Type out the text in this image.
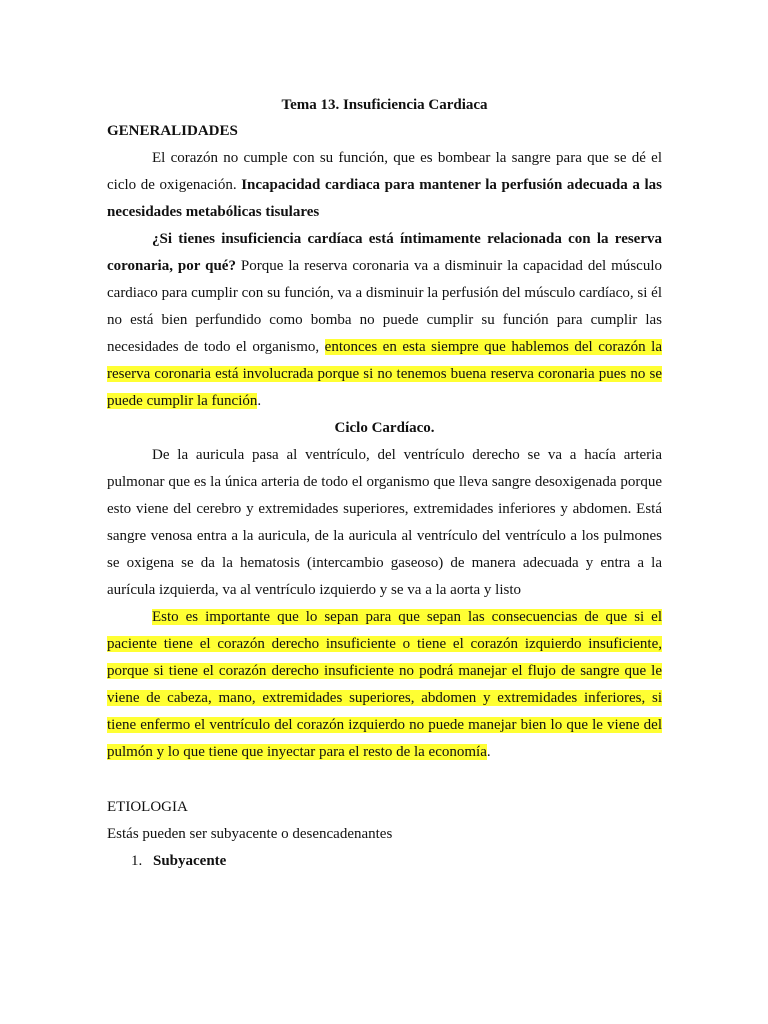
Tema 13. Insuficiencia Cardiaca

GENERALIDADES

El corazón no cumple con su función, que es bombear la sangre para que se dé el ciclo de oxigenación. Incapacidad cardiaca para mantener la perfusión adecuada a las necesidades metabólicas tisulares

¿Si tienes insuficiencia cardíaca está íntimamente relacionada con la reserva coronaria, por qué? Porque la reserva coronaria va a disminuir la capacidad del músculo cardiaco para cumplir con su función, va a disminuir la perfusión del músculo cardíaco, si él no está bien perfundido como bomba no puede cumplir su función para cumplir las necesidades de todo el organismo, entonces en esta siempre que hablemos del corazón la reserva coronaria está involucrada porque si no tenemos buena reserva coronaria pues no se puede cumplir la función.

Ciclo Cardíaco.

De la auricula pasa al ventrículo, del ventrículo derecho se va a hacía arteria pulmonar que es la única arteria de todo el organismo que lleva sangre desoxigenada porque esto viene del cerebro y extremidades superiores, extremidades inferiores y abdomen. Está sangre venosa entra a la auricula, de la auricula al ventrículo del ventrículo a los pulmones se oxigena se da la hematosis (intercambio gaseoso) de manera adecuada y entra a la aurícula izquierda, va al ventrículo izquierdo y se va a la aorta y listo

Esto es importante que lo sepan para que sepan las consecuencias de que si el paciente tiene el corazón derecho insuficiente o tiene el corazón izquierdo insuficiente, porque si tiene el corazón derecho insuficiente no podrá manejar el flujo de sangre que le viene de cabeza, mano, extremidades superiores, abdomen y extremidades inferiores, si tiene enfermo el ventrículo del corazón izquierdo no puede manejar bien lo que le viene del pulmón y lo que tiene que inyectar para el resto de la economía.

ETIOLOGIA

Estás pueden ser subyacente o desencadenantes

1. Subyacente
